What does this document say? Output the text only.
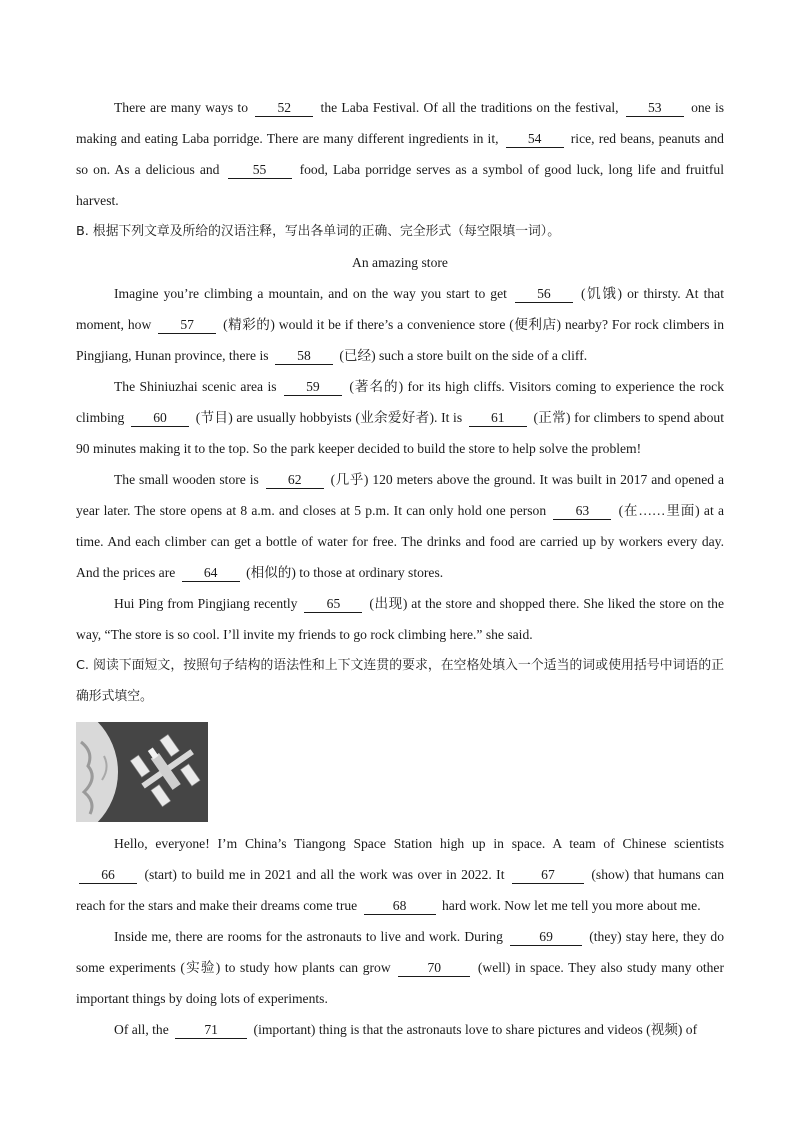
There are many ways to 52 the Laba Festival. Of all the traditions on the festival, 53 one is making and eating Laba porridge. There are many different ingredients in it, 54 rice, red beans, peanuts and so on. As a delicious and 55 food, Laba porridge serves as a symbol of good luck, long life and fruitful harvest.

B. 根据下列文章及所给的汉语注释，写出各单词的正确、完全形式（每空限填一词）。

An amazing store

Imagine you’re climbing a mountain, and on the way you start to get 56 (饥饿) or thirsty. At that moment, how 57 (精彩的) would it be if there’s a convenience store (便利店) nearby? For rock climbers in Pingjiang, Hunan province, there is 58 (已经) such a store built on the side of a cliff.

The Shiniuzhai scenic area is 59 (著名的) for its high cliffs. Visitors coming to experience the rock climbing 60 (节目) are usually hobbyists (业余爱好者). It is 61 (正常) for climbers to spend about 90 minutes making it to the top. So the park keeper decided to build the store to help solve the problem!

The small wooden store is 62 (几乎) 120 meters above the ground. It was built in 2017 and opened a year later. The store opens at 8 a.m. and closes at 5 p.m. It can only hold one person 63 (在……里面) at a time. And each climber can get a bottle of water for free. The drinks and food are carried up by workers every day. And the prices are 64 (相似的) to those at ordinary stores.

Hui Ping from Pingjiang recently 65 (出现) at the store and shopped there. She liked the store on the way, “The store is so cool. I’ll invite my friends to go rock climbing here.” she said.

C. 阅读下面短文，按照句子结构的语法性和上下文连贯的要求，在空格处填入一个适当的词或使用括号中词语的正确形式填空。

Hello, everyone! I’m China’s Tiangong Space Station high up in space. A team of Chinese scientists 66 (start) to build me in 2021 and all the work was over in 2022. It	67	(show) that humans can reach for the stars and make their dreams come true	68	hard work. Now let me tell you more about me.

Inside me, there are rooms for the astronauts to live and work. During	69	(they) stay here, they do some experiments (实验) to study how plants can grow	70	(well) in space. They also study many other important things by doing lots of experiments.

Of all, the	71	(important) thing is that the astronauts love to share pictures and videos (视频) of
